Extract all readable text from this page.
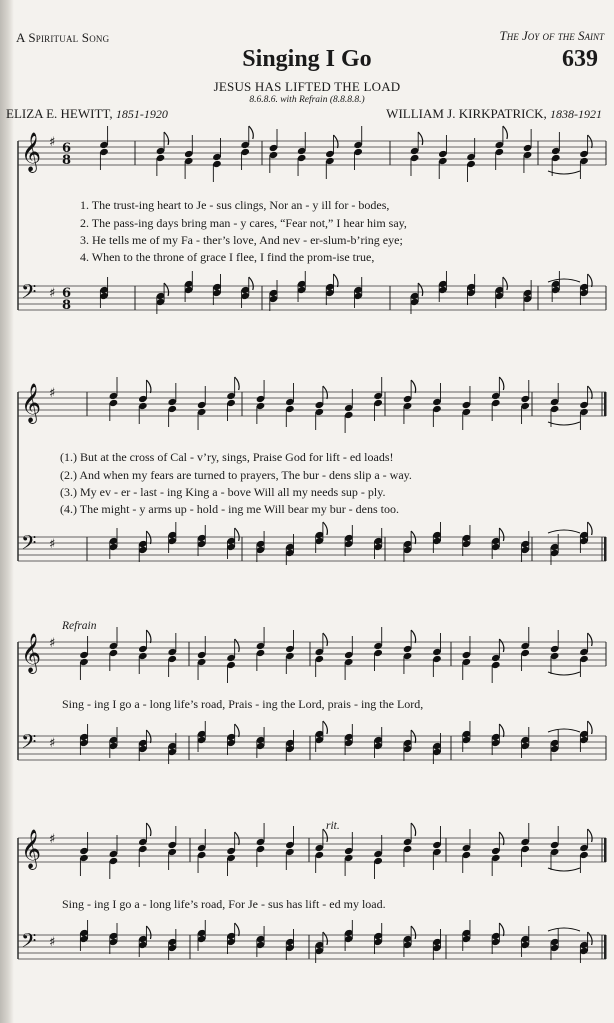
A Spiritual Song	The Joy of the Saint
639
Singing I Go
JESUS HAS LIFTED THE LOAD
8.6.8.6. with Refrain (8.8.8.8.)
ELIZA E. HEWITT, 1851-1920	WILLIAM J. KIRKPATRICK, 1838-1921
𝄞 ♯ 6
8
𝄢 ♯ 6
8
𝄞 ♯
𝄢 ♯
𝄞 ♯
𝄢 ♯
𝄞 ♯
𝄢 ♯
1. The trust-ing heart to Je - sus clings, Nor an - y ill for - bodes,
2. The pass-ing days bring man - y cares, “Fear not,” I hear him say,
3. He tells me of my Fa - ther’s love, And nev - er-slum-b’ring eye;
4. When to the throne of grace I flee, I find the prom-ise true,
(1.) But at the cross of Cal - v’ry, sings, Praise God for lift - ed loads!
(2.) And when my fears are turned to prayers, The bur - dens slip a - way.
(3.) My ev - er - last - ing King a - bove Will all my needs sup - ply.
(4.) The might - y arms up - hold - ing me Will bear my bur - dens too.
Refrain
Sing - ing I go a - long life’s road, Prais - ing the Lord, prais - ing the Lord,
rit.
Sing - ing I go a - long life’s road, For Je - sus has lift - ed my load.
